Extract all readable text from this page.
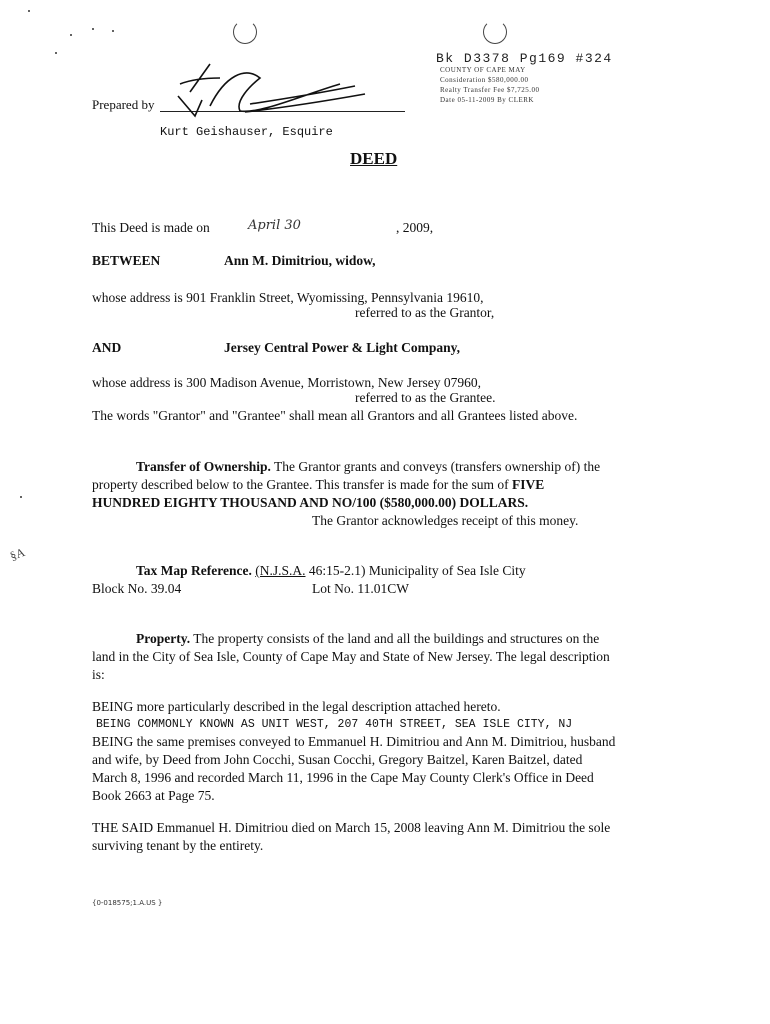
Bk D3378 Pg169 #324
COUNTY OF CAPE MAY
Consideration $580,000.00
Realty Transfer Fee $7,725.00
Date 05-11-2009 By CLERK
Prepared by
Kurt Geishauser, Esquire
DEED
This Deed is made on	April 30	, 2009,
BETWEEN	Ann M. Dimitriou, widow,
whose address is 901 Franklin Street, Wyomissing, Pennsylvania 19610,
referred to as the Grantor,
AND	Jersey Central Power & Light Company,
whose address is 300 Madison Avenue, Morristown, New Jersey 07960,
referred to as the Grantee.
The words "Grantor" and "Grantee" shall mean all Grantors and all Grantees listed above.
Transfer of Ownership. The Grantor grants and conveys (transfers ownership of) the
property described below to the Grantee. This transfer is made for the sum of FIVE
HUNDRED EIGHTY THOUSAND AND NO/100 ($580,000.00) DOLLARS.
The Grantor acknowledges receipt of this money.
§A
Tax Map Reference. (N.J.S.A. 46:15-2.1) Municipality of Sea Isle City
Block No. 39.04	Lot No. 11.01CW
Property. The property consists of the land and all the buildings and structures on the
land in the City of Sea Isle, County of Cape May and State of New Jersey. The legal description
is:
BEING more particularly described in the legal description attached hereto.
BEING COMMONLY KNOWN AS UNIT WEST, 207 40TH STREET, SEA ISLE CITY, NJ
BEING the same premises conveyed to Emmanuel H. Dimitriou and Ann M. Dimitriou, husband
and wife, by Deed from John Cocchi, Susan Cocchi, Gregory Baitzel, Karen Baitzel, dated
March 8, 1996 and recorded March 11, 1996 in the Cape May County Clerk's Office in Deed
Book 2663 at Page 75.
THE SAID Emmanuel H. Dimitriou died on March 15, 2008 leaving Ann M. Dimitriou the sole
surviving tenant by the entirety.
{0-018575;1.A.US }
